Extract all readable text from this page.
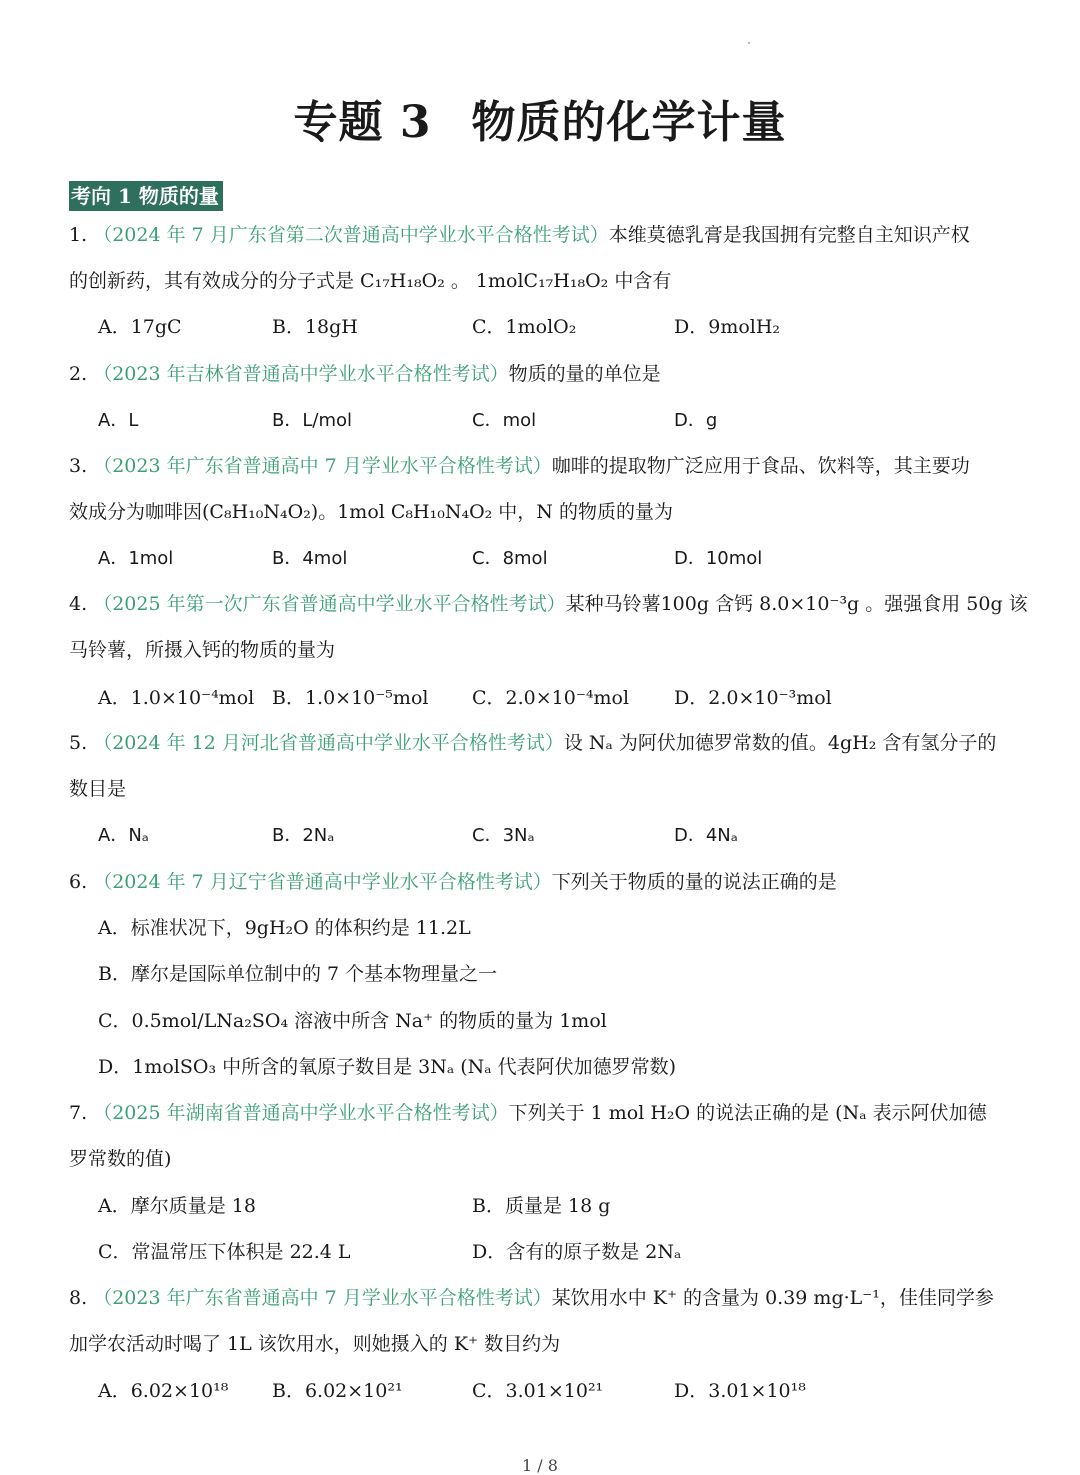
专题 3 物质的化学计量
考向 1 物质的量
1. （2024 年 7 月广东省第二次普通高中学业水平合格性考试）本维莫德乳膏是我国拥有完整自主知识产权
的创新药，其有效成分的分子式是 C₁₇H₁₈O₂ 。 1molC₁₇H₁₈O₂ 中含有
A．17gC	B．18gH	C．1molO₂	D．9molH₂
2. （2023 年吉林省普通高中学业水平合格性考试）物质的量的单位是
A．L	B．L/mol	C．mol	D．g
3. （2023 年广东省普通高中 7 月学业水平合格性考试）咖啡的提取物广泛应用于食品、饮料等，其主要功
效成分为咖啡因(C₈H₁₀N₄O₂)。1mol C₈H₁₀N₄O₂ 中，N 的物质的量为
A．1mol	B．4mol	C．8mol	D．10mol
4. （2025 年第一次广东省普通高中学业水平合格性考试）某种马铃薯100g 含钙 8.0×10⁻³g 。强强食用 50g 该
马铃薯，所摄入钙的物质的量为
A．1.0×10⁻⁴mol B．1.0×10⁻⁵mol C．2.0×10⁻⁴mol D．2.0×10⁻³mol
5. （2024 年 12 月河北省普通高中学业水平合格性考试）设 Nₐ 为阿伏加德罗常数的值。4gH₂ 含有氢分子的
数目是
A．Nₐ	B．2Nₐ	C．3Nₐ	D．4Nₐ
6. （2024 年 7 月辽宁省普通高中学业水平合格性考试）下列关于物质的量的说法正确的是
A．标准状况下，9gH₂O 的体积约是 11.2L
B．摩尔是国际单位制中的 7 个基本物理量之一
C．0.5mol/LNa₂SO₄ 溶液中所含 Na⁺ 的物质的量为 1mol
D．1molSO₃ 中所含的氧原子数目是 3Nₐ (Nₐ 代表阿伏加德罗常数)
7. （2025 年湖南省普通高中学业水平合格性考试）下列关于 1 mol H₂O 的说法正确的是 (Nₐ 表示阿伏加德
罗常数的值)
A．摩尔质量是 18	B．质量是 18 g
C．常温常压下体积是 22.4 L	D．含有的原子数是 2Nₐ
8. （2023 年广东省普通高中 7 月学业水平合格性考试）某饮用水中 K⁺ 的含量为 0.39 mg·L⁻¹，佳佳同学参
加学农活动时喝了 1L 该饮用水，则她摄入的 K⁺ 数目约为
A．6.02×10¹⁸ B．6.02×10²¹	C．3.01×10²¹	D．3.01×10¹⁸
1 / 8
